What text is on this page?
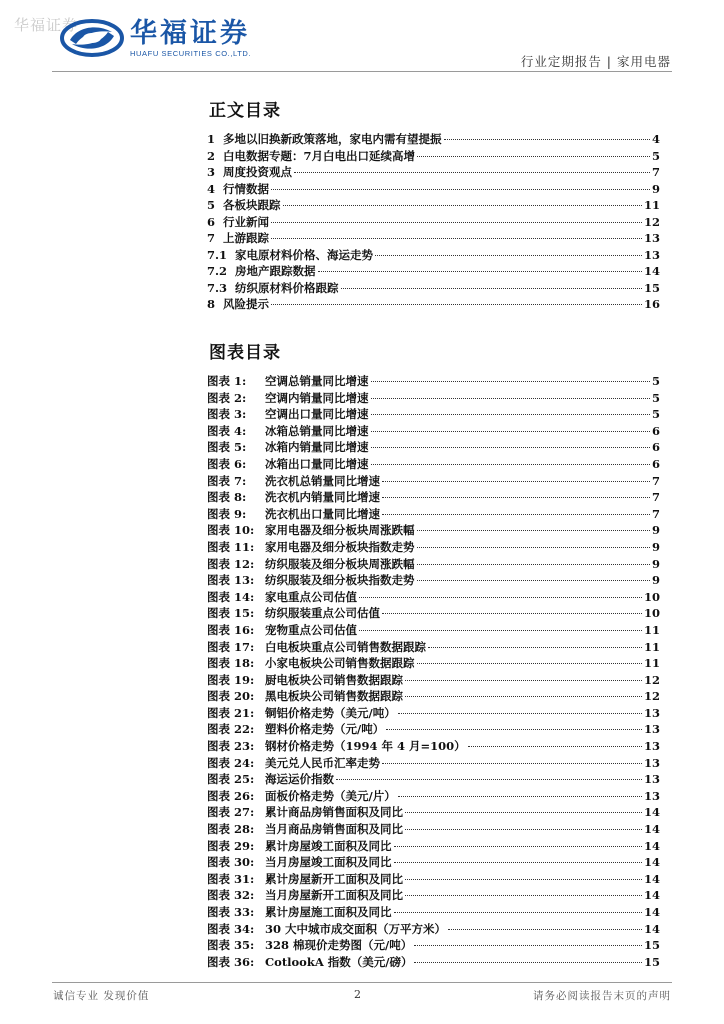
华福证券 华福证券
HUAFU SECURITIES CO.,LTD.
行业定期报告 | 家用电器
正文目录
1 多地以旧换新政策落地，家电内需有望提振	4
2 白电数据专题：7月白电出口延续高增	5
3 周度投资观点	7
4 行情数据	9
5 各板块跟踪	11
6 行业新闻	12
7 上游跟踪	13
7.1 家电原材料价格、海运走势	13
7.2 房地产跟踪数据	14
7.3 纺织原材料价格跟踪	15
8 风险提示	16
图表目录
图表 1:	空调总销量同比增速	5
图表 2:	空调内销量同比增速	5
图表 3:	空调出口量同比增速	5
图表 4:	冰箱总销量同比增速	6
图表 5:	冰箱内销量同比增速	6
图表 6:	冰箱出口量同比增速	6
图表 7:	洗衣机总销量同比增速	7
图表 8:	洗衣机内销量同比增速	7
图表 9:	洗衣机出口量同比增速	7
图表 10: 家用电器及细分板块周涨跌幅	9
图表 11: 家用电器及细分板块指数走势	9
图表 12: 纺织服装及细分板块周涨跌幅	9
图表 13: 纺织服装及细分板块指数走势	9
图表 14: 家电重点公司估值	10
图表 15: 纺织服装重点公司估值	10
图表 16: 宠物重点公司估值	11
图表 17: 白电板块重点公司销售数据跟踪	11
图表 18: 小家电板块公司销售数据跟踪	11
图表 19: 厨电板块公司销售数据跟踪	12
图表 20: 黑电板块公司销售数据跟踪	12
图表 21: 铜铝价格走势（美元/吨）	13
图表 22: 塑料价格走势（元/吨）	13
图表 23: 钢材价格走势（1994 年 4 月=100）	13
图表 24: 美元兑人民币汇率走势	13
图表 25: 海运运价指数	13
图表 26: 面板价格走势（美元/片）	13
图表 27: 累计商品房销售面积及同比	14
图表 28: 当月商品房销售面积及同比	14
图表 29: 累计房屋竣工面积及同比	14
图表 30: 当月房屋竣工面积及同比	14
图表 31: 累计房屋新开工面积及同比	14
图表 32: 当月房屋新开工面积及同比	14
图表 33: 累计房屋施工面积及同比	14
图表 34: 30 大中城市成交面积（万平方米）	14
图表 35: 328 棉现价走势图（元/吨）	15
图表 36: CotlookA 指数（美元/磅）	15
诚信专业 发现价值	2	请务必阅读报告末页的声明
